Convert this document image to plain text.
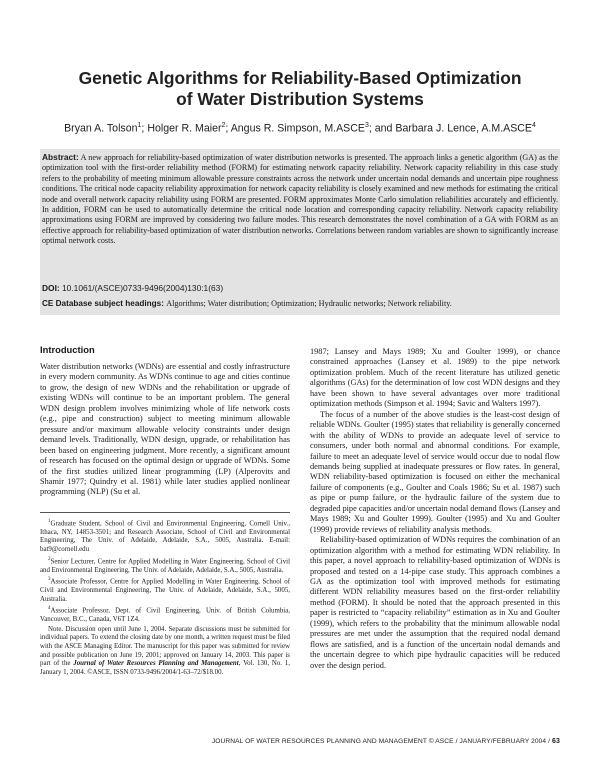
Genetic Algorithms for Reliability-Based Optimization
of Water Distribution Systems
Bryan A. Tolson$^1$; Holger R. Maier$^2$; Angus R. Simpson, M.ASCE$^3$; and Barbara J. Lence, A.M.ASCE$^4$
Abstract: A new approach for reliability-based optimization of water distribution networks is presented. The approach links a genetic algorithm (GA) as the optimization tool with the first-order reliability method (FORM) for estimating network capacity reliability. Network capacity reliability in this case study refers to the probability of meeting minimum allowable pressure constraints across the network under uncertain nodal demands and uncertain pipe roughness conditions. The critical node capacity reliability approximation for network capacity reliability is closely examined and new methods for estimating the critical node and overall network capacity reliability using FORM are presented. FORM approximates Monte Carlo simulation reliabilities accurately and efficiently. In addition, FORM can be used to automatically determine the critical node location and corresponding capacity reliability. Network capacity reliability approximations using FORM are improved by considering two failure modes. This research demonstrates the novel combination of a GA with FORM as an effective approach for reliability-based optimization of water distribution networks. Correlations between random variables are shown to significantly increase optimal network costs.
DOI: 10.1061/(ASCE)0733-9496(2004)130:1(63)
CE Database subject headings: Algorithms; Water distribution; Optimization; Hydraulic networks; Network reliability.
Introduction

Water distribution networks (WDNs) are essential and costly infrastructure in every modern community. As WDNs continue to age and cities continue to grow, the design of new WDNs and the rehabilitation or upgrade of existing WDNs will continue to be an important problem. The general WDN design problem involves minimizing whole of life network costs (e.g., pipe and construction) subject to meeting minimum allowable pressure and/or maximum allowable velocity constraints under design demand levels. Traditionally, WDN design, upgrade, or rehabilitation has been based on engineering judgment. More recently, a significant amount of research has focused on the optimal design or upgrade of WDNs. Some of the first studies utilized linear programming (LP) (Alperovits and Shamir 1977; Quindry et al. 1981) while later studies applied nonlinear programming (NLP) (Su et al.

$^1$Graduate Student, School of Civil and Environmental Engineering, Cornell Univ., Ithaca, NY, 14853-3501; and Research Associate, School of Civil and Environmental Engineering, The Univ. of Adelaide, Adelaide, S.A., 5005, Australia. E-mail: bat9@cornell.edu

$^2$Senior Lecturer, Centre for Applied Modelling in Water Engineering, School of Civil and Environmental Engineering, The Univ. of Adelaide, Adelaide, S.A., 5005, Australia.

$^3$Associate Professor, Centre for Applied Modelling in Water Engineering, School of Civil and Environmental Engineering, The Univ. of Adelaide, Adelaide, S.A., 5005, Australia.

$^4$Associate Professor, Dept. of Civil Engineering, Univ. of British Columbia, Vancouver, B.C., Canada, V6T 1Z4.

Note. Discussion open until June 1, 2004. Separate discussions must be submitted for individual papers. To extend the closing date by one month, a written request must be filed with the ASCE Managing Editor. The manuscript for this paper was submitted for review and possible publication on June 19, 2001; approved on January 14, 2003. This paper is part of the Journal of Water Resources Planning and Management, Vol. 130, No. 1, January 1, 2004. ©ASCE, ISSN 0733-9496/2004/1-63–72/$18.00.

1987; Lansey and Mays 1989; Xu and Goulter 1999), or chance constrained approaches (Lansey et al. 1989) to the pipe network optimization problem. Much of the recent literature has utilized genetic algorithms (GAs) for the determination of low cost WDN designs and they have been shown to have several advantages over more traditional optimization methods (Simpson et al. 1994; Savic and Walters 1997).

The focus of a number of the above studies is the least-cost design of reliable WDNs. Goulter (1995) states that reliability is generally concerned with the ability of WDNs to provide an adequate level of service to consumers, under both normal and abnormal conditions. For example, failure to meet an adequate level of service would occur due to nodal flow demands being supplied at inadequate pressures or flow rates. In general, WDN reliability-based optimization is focused on either the mechanical failure of components (e.g., Goulter and Coals 1986; Su et al. 1987) such as pipe or pump failure, or the hydraulic failure of the system due to degraded pipe capacities and/or uncertain nodal demand flows (Lansey and Mays 1989; Xu and Goulter 1999). Goulter (1995) and Xu and Goulter (1999) provide reviews of reliability analysis methods.

Reliability-based optimization of WDNs requires the combination of an optimization algorithm with a method for estimating WDN reliability. In this paper, a novel approach to reliability-based optimization of WDNs is proposed and tested on a 14-pipe case study. This approach combines a GA as the optimization tool with improved methods for estimating different WDN reliability measures based on the first-order reliability method (FORM). It should be noted that the approach presented in this paper is restricted to “capacity reliability” estimation as in Xu and Goulter (1999), which refers to the probability that the minimum allowable nodal pressures are met under the assumption that the required nodal demand flows are satisfied, and is a function of the uncertain nodal demands and the uncertain degree to which pipe hydraulic capacities will be reduced over the design period.

JOURNAL OF WATER RESOURCES PLANNING AND MANAGEMENT © ASCE / JANUARY/FEBRUARY 2004 / 63
